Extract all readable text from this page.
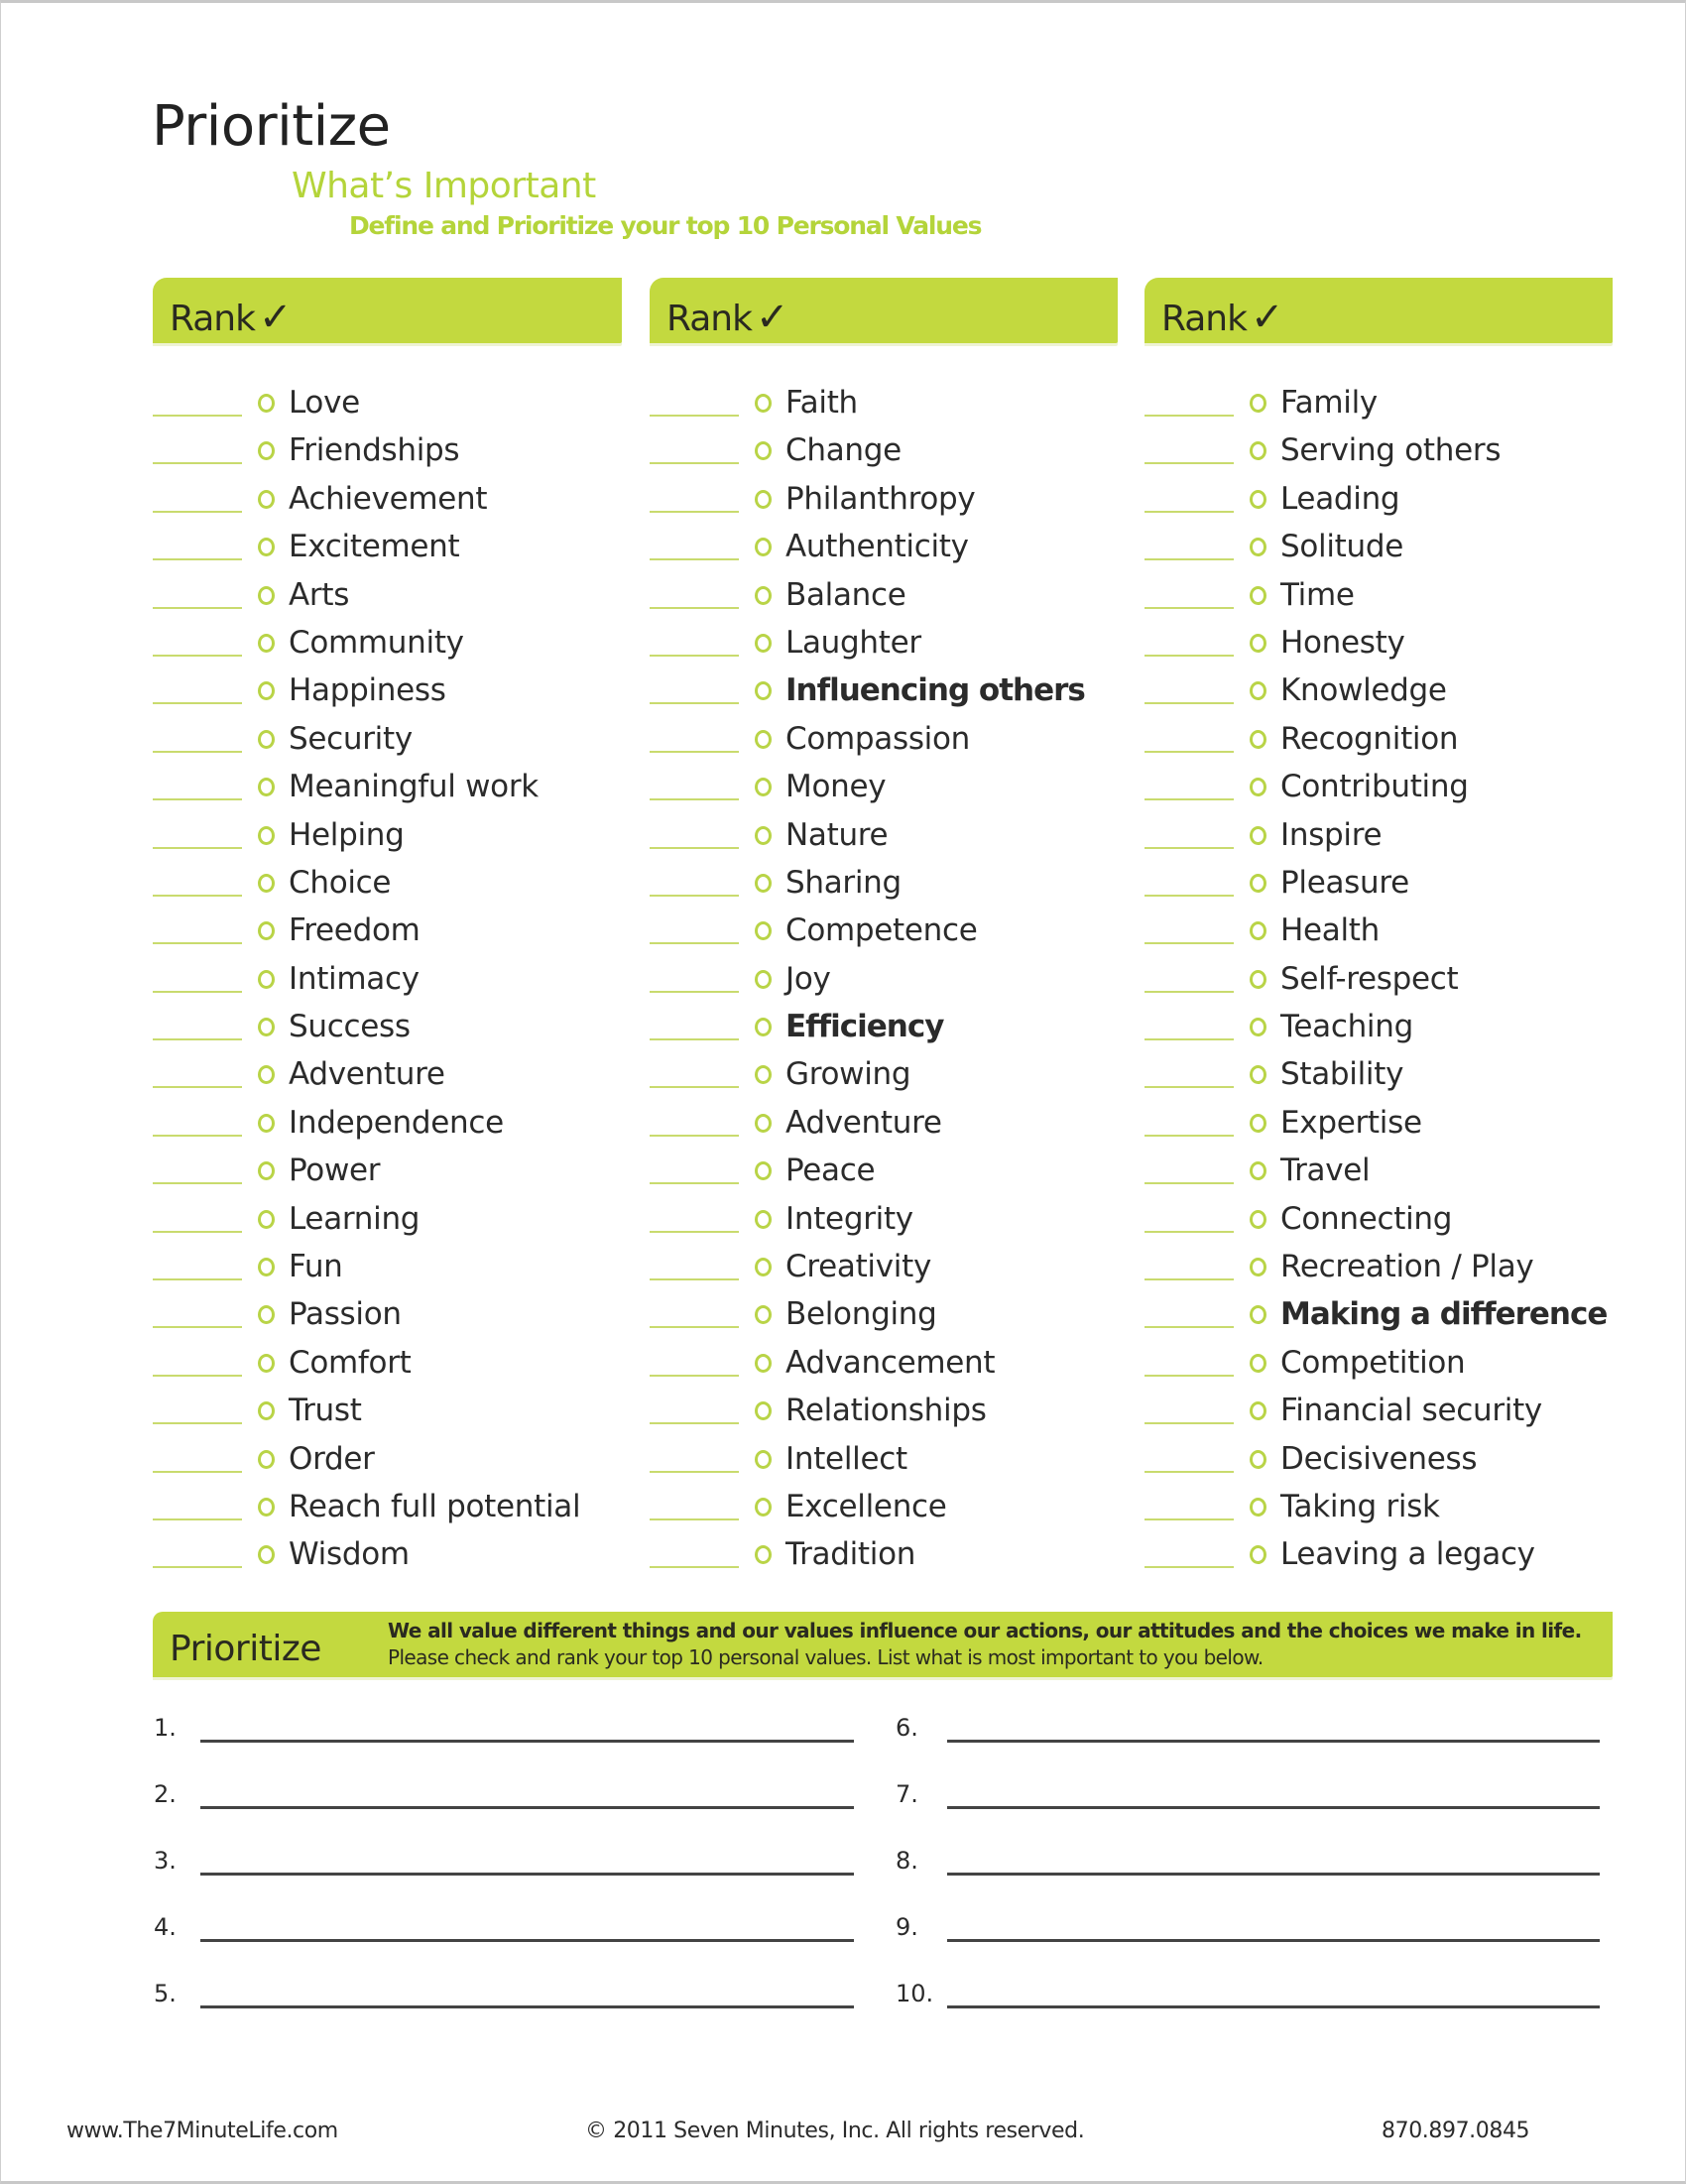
Prioritize
What’s Important
Define and Prioritize your top 10 Personal Values
Rank ✓	Rank ✓	Rank ✓
Love
Friendships
Achievement
Excitement
Arts
Community
Happiness
Security
Meaningful work
Helping
Choice
Freedom
Intimacy
Success
Adventure
Independence
Power
Learning
Fun
Passion
Comfort
Trust
Order
Reach full potential
Wisdom
Faith
Change
Philanthropy
Authenticity
Balance
Laughter
Influencing others
Compassion
Money
Nature
Sharing
Competence
Joy
Efficiency
Growing
Adventure
Peace
Integrity
Creativity
Belonging
Advancement
Relationships
Intellect
Excellence
Tradition
Family
Serving others
Leading
Solitude
Time
Honesty
Knowledge
Recognition
Contributing
Inspire
Pleasure
Health
Self-respect
Teaching
Stability
Expertise
Travel
Connecting
Recreation / Play
Making a difference
Competition
Financial security
Decisiveness
Taking risk
Leaving a legacy
Prioritize	We all value different things and our values influence our actions, our attitudes and the choices we make in life. Please check and rank your top 10 personal values. List what is most important to you below.
1.
2.
3.
4.
5.
6.
7.
8.
9.
10.
www.The7MinuteLife.com	© 2011 Seven Minutes, Inc. All rights reserved.	870.897.0845
